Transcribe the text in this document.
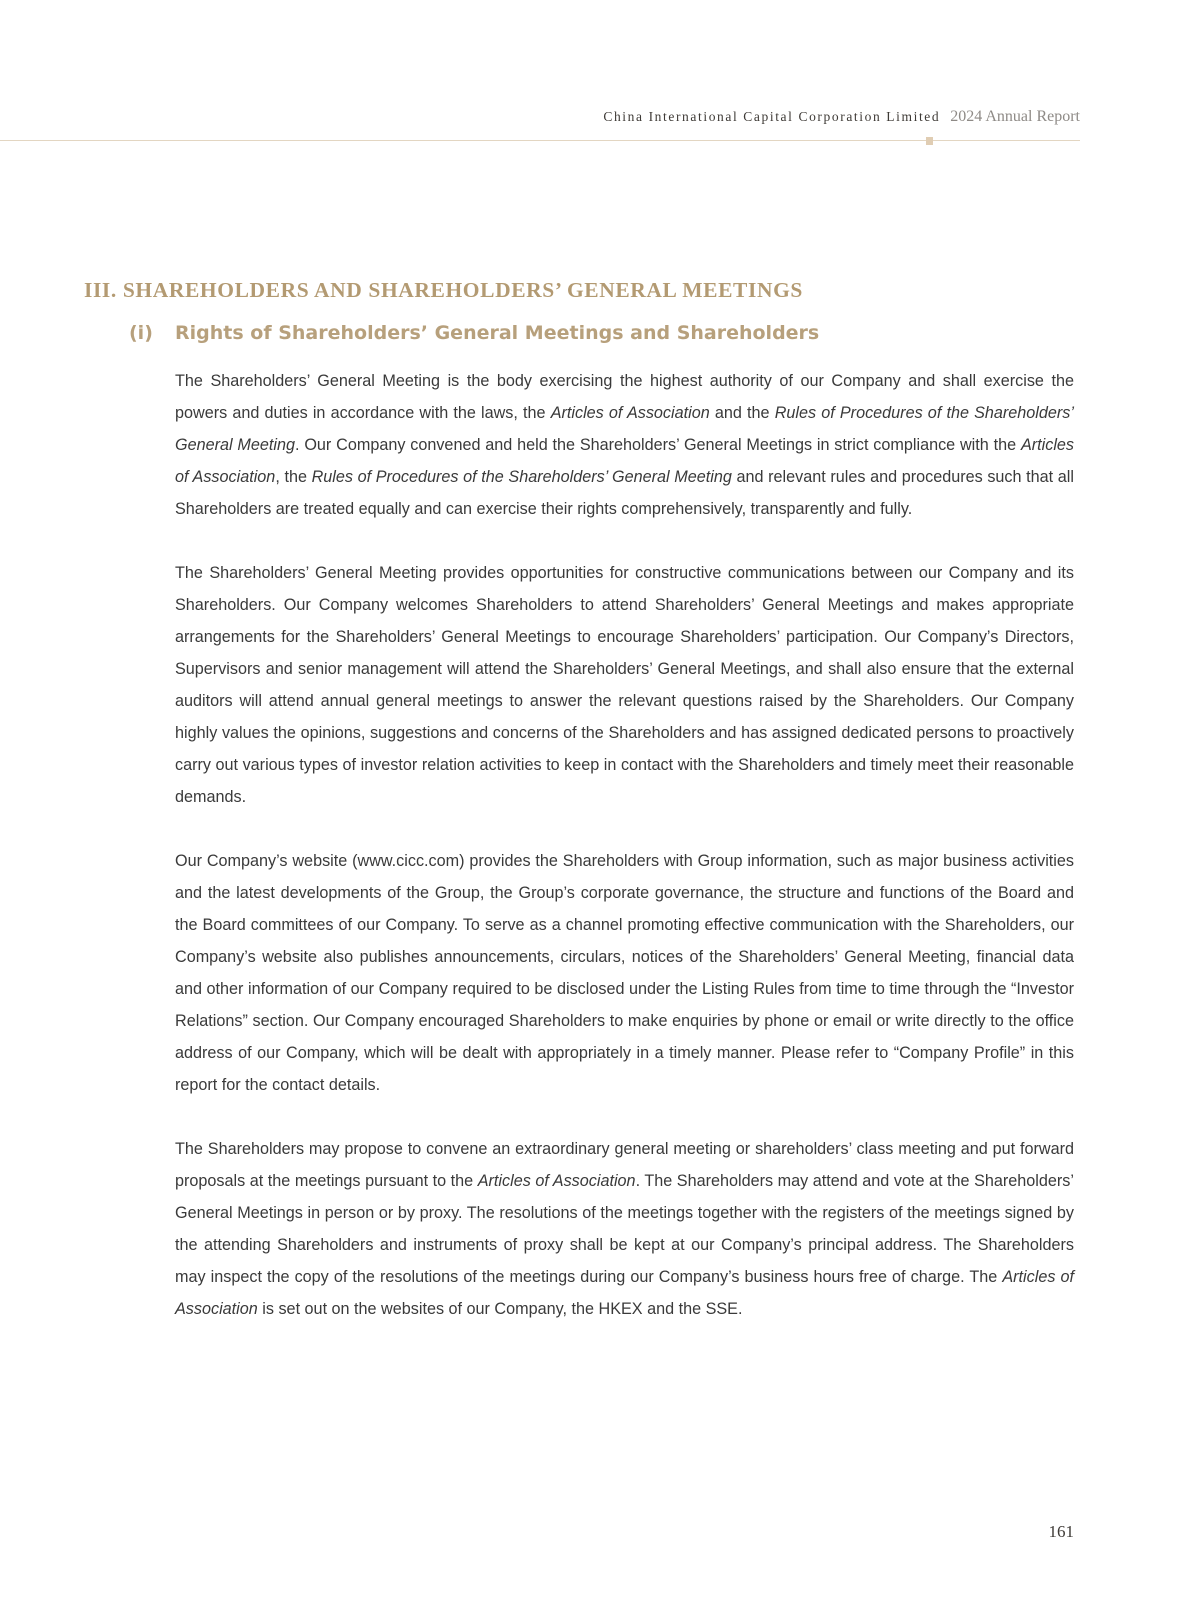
China International Capital Corporation Limited 2024 Annual Report
III. SHAREHOLDERS AND SHAREHOLDERS’ GENERAL MEETINGS
(i)	Rights of Shareholders’ General Meetings and Shareholders

The Shareholders’ General Meeting is the body exercising the highest authority of our Company and shall exercise the powers and duties in accordance with the laws, the Articles of Association and the Rules of Procedures of the Shareholders’ General Meeting. Our Company convened and held the Shareholders’ General Meetings in strict compliance with the Articles of Association, the Rules of Procedures of the Shareholders’ General Meeting and relevant rules and procedures such that all Shareholders are treated equally and can exercise their rights comprehensively, transparently and fully.

The Shareholders’ General Meeting provides opportunities for constructive communications between our Company and its Shareholders. Our Company welcomes Shareholders to attend Shareholders’ General Meetings and makes appropriate arrangements for the Shareholders’ General Meetings to encourage Shareholders’ participation. Our Company’s Directors, Supervisors and senior management will attend the Shareholders’ General Meetings, and shall also ensure that the external auditors will attend annual general meetings to answer the relevant questions raised by the Shareholders. Our Company highly values the opinions, suggestions and concerns of the Shareholders and has assigned dedicated persons to proactively carry out various types of investor relation activities to keep in contact with the Shareholders and timely meet their reasonable demands.

Our Company’s website (www.cicc.com) provides the Shareholders with Group information, such as major business activities and the latest developments of the Group, the Group’s corporate governance, the structure and functions of the Board and the Board committees of our Company. To serve as a channel promoting effective communication with the Shareholders, our Company’s website also publishes announcements, circulars, notices of the Shareholders’ General Meeting, financial data and other information of our Company required to be disclosed under the Listing Rules from time to time through the “Investor Relations” section. Our Company encouraged Shareholders to make enquiries by phone or email or write directly to the office address of our Company, which will be dealt with appropriately in a timely manner. Please refer to “Company Profile” in this report for the contact details.

The Shareholders may propose to convene an extraordinary general meeting or shareholders’ class meeting and put forward proposals at the meetings pursuant to the Articles of Association. The Shareholders may attend and vote at the Shareholders’ General Meetings in person or by proxy. The resolutions of the meetings together with the registers of the meetings signed by the attending Shareholders and instruments of proxy shall be kept at our Company’s principal address. The Shareholders may inspect the copy of the resolutions of the meetings during our Company’s business hours free of charge. The Articles of Association is set out on the websites of our Company, the HKEX and the SSE.

161
